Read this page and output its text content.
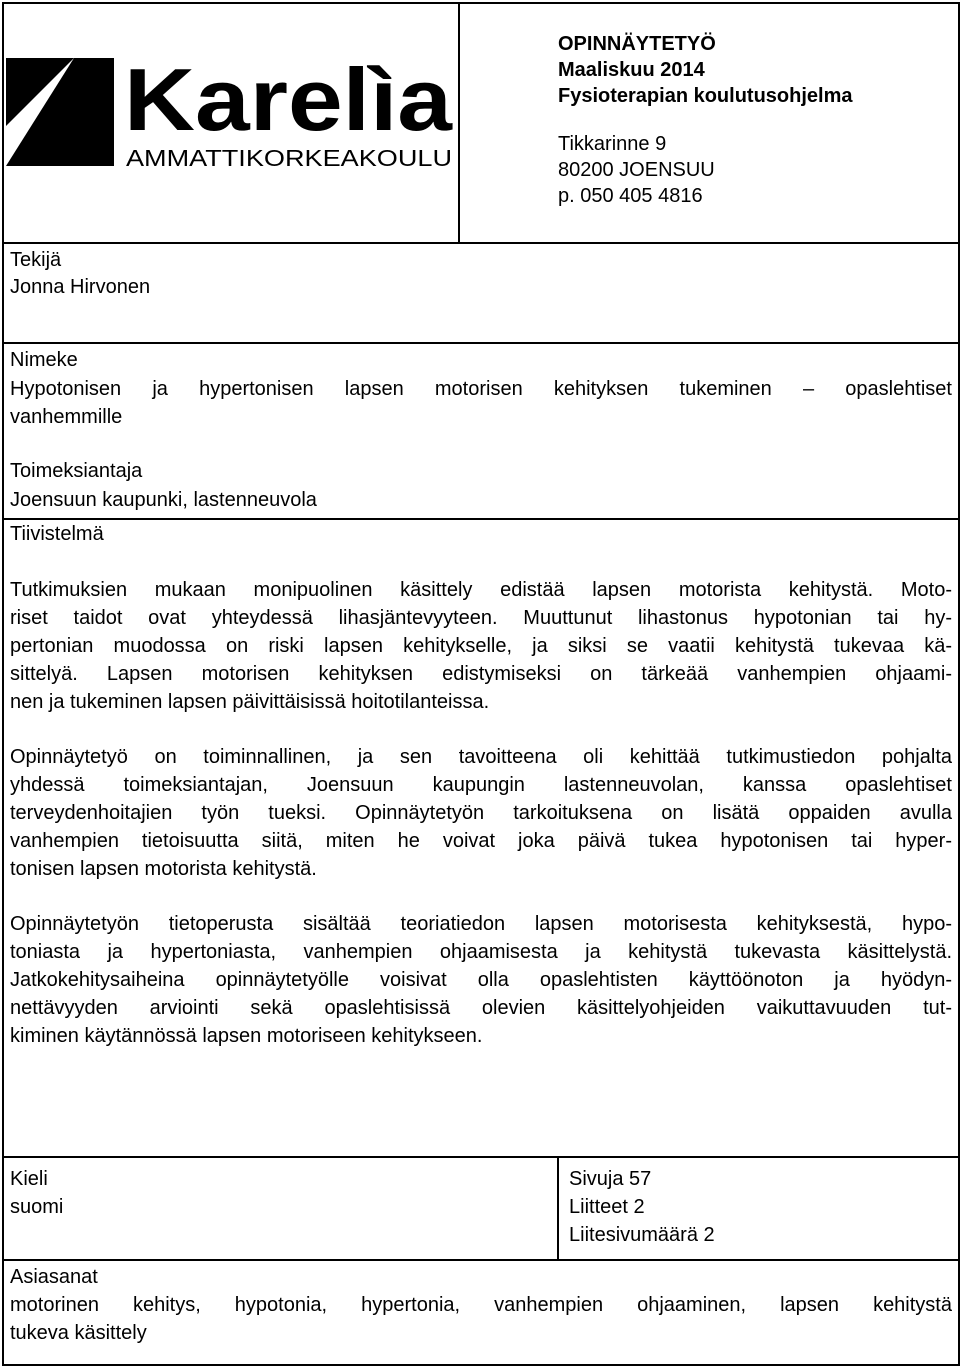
Karelìa
AMMATTIKORKEAKOULU
OPINNÄYTETYÖ
Maaliskuu 2014
Fysioterapian koulutusohjelma
Tikkarinne 9
80200 JOENSUU
p. 050 405 4816
Tekijä
Jonna Hirvonen
Nimeke
Hypotonisen ja hypertonisen lapsen motorisen kehityksen tukeminen – opaslehtiset
vanhemmille
Toimeksiantaja
Joensuun kaupunki, lastenneuvola
Tiivistelmä
Tutkimuksien mukaan monipuolinen käsittely edistää lapsen motorista kehitystä. Moto-
riset taidot ovat yhteydessä lihasjäntevyyteen. Muuttunut lihastonus hypotonian tai hy-
pertonian muodossa on riski lapsen kehitykselle, ja siksi se vaatii kehitystä tukevaa kä-
sittelyä. Lapsen motorisen kehityksen edistymiseksi on tärkeää vanhempien ohjaami-
nen ja tukeminen lapsen päivittäisissä hoitotilanteissa.
Opinnäytetyö on toiminnallinen, ja sen tavoitteena oli kehittää tutkimustiedon pohjalta
yhdessä toimeksiantajan, Joensuun kaupungin lastenneuvolan, kanssa opaslehtiset
terveydenhoitajien työn tueksi. Opinnäytetyön tarkoituksena on lisätä oppaiden avulla
vanhempien tietoisuutta siitä, miten he voivat joka päivä tukea hypotonisen tai hyper-
tonisen lapsen motorista kehitystä.
Opinnäytetyön tietoperusta sisältää teoriatiedon lapsen motorisesta kehityksestä, hypo-
toniasta ja hypertoniasta, vanhempien ohjaamisesta ja kehitystä tukevasta käsittelystä.
Jatkokehitysaiheina opinnäytetyölle voisivat olla opaslehtisten käyttöönoton ja hyödyn-
nettävyyden arviointi sekä opaslehtisissä olevien käsittelyohjeiden vaikuttavuuden tut-
kiminen käytännössä lapsen motoriseen kehitykseen.
Kieli
suomi
Sivuja 57
Liitteet 2
Liitesivumäärä 2
Asiasanat
motorinen kehitys, hypotonia, hypertonia, vanhempien ohjaaminen, lapsen kehitystä
tukeva käsittely
